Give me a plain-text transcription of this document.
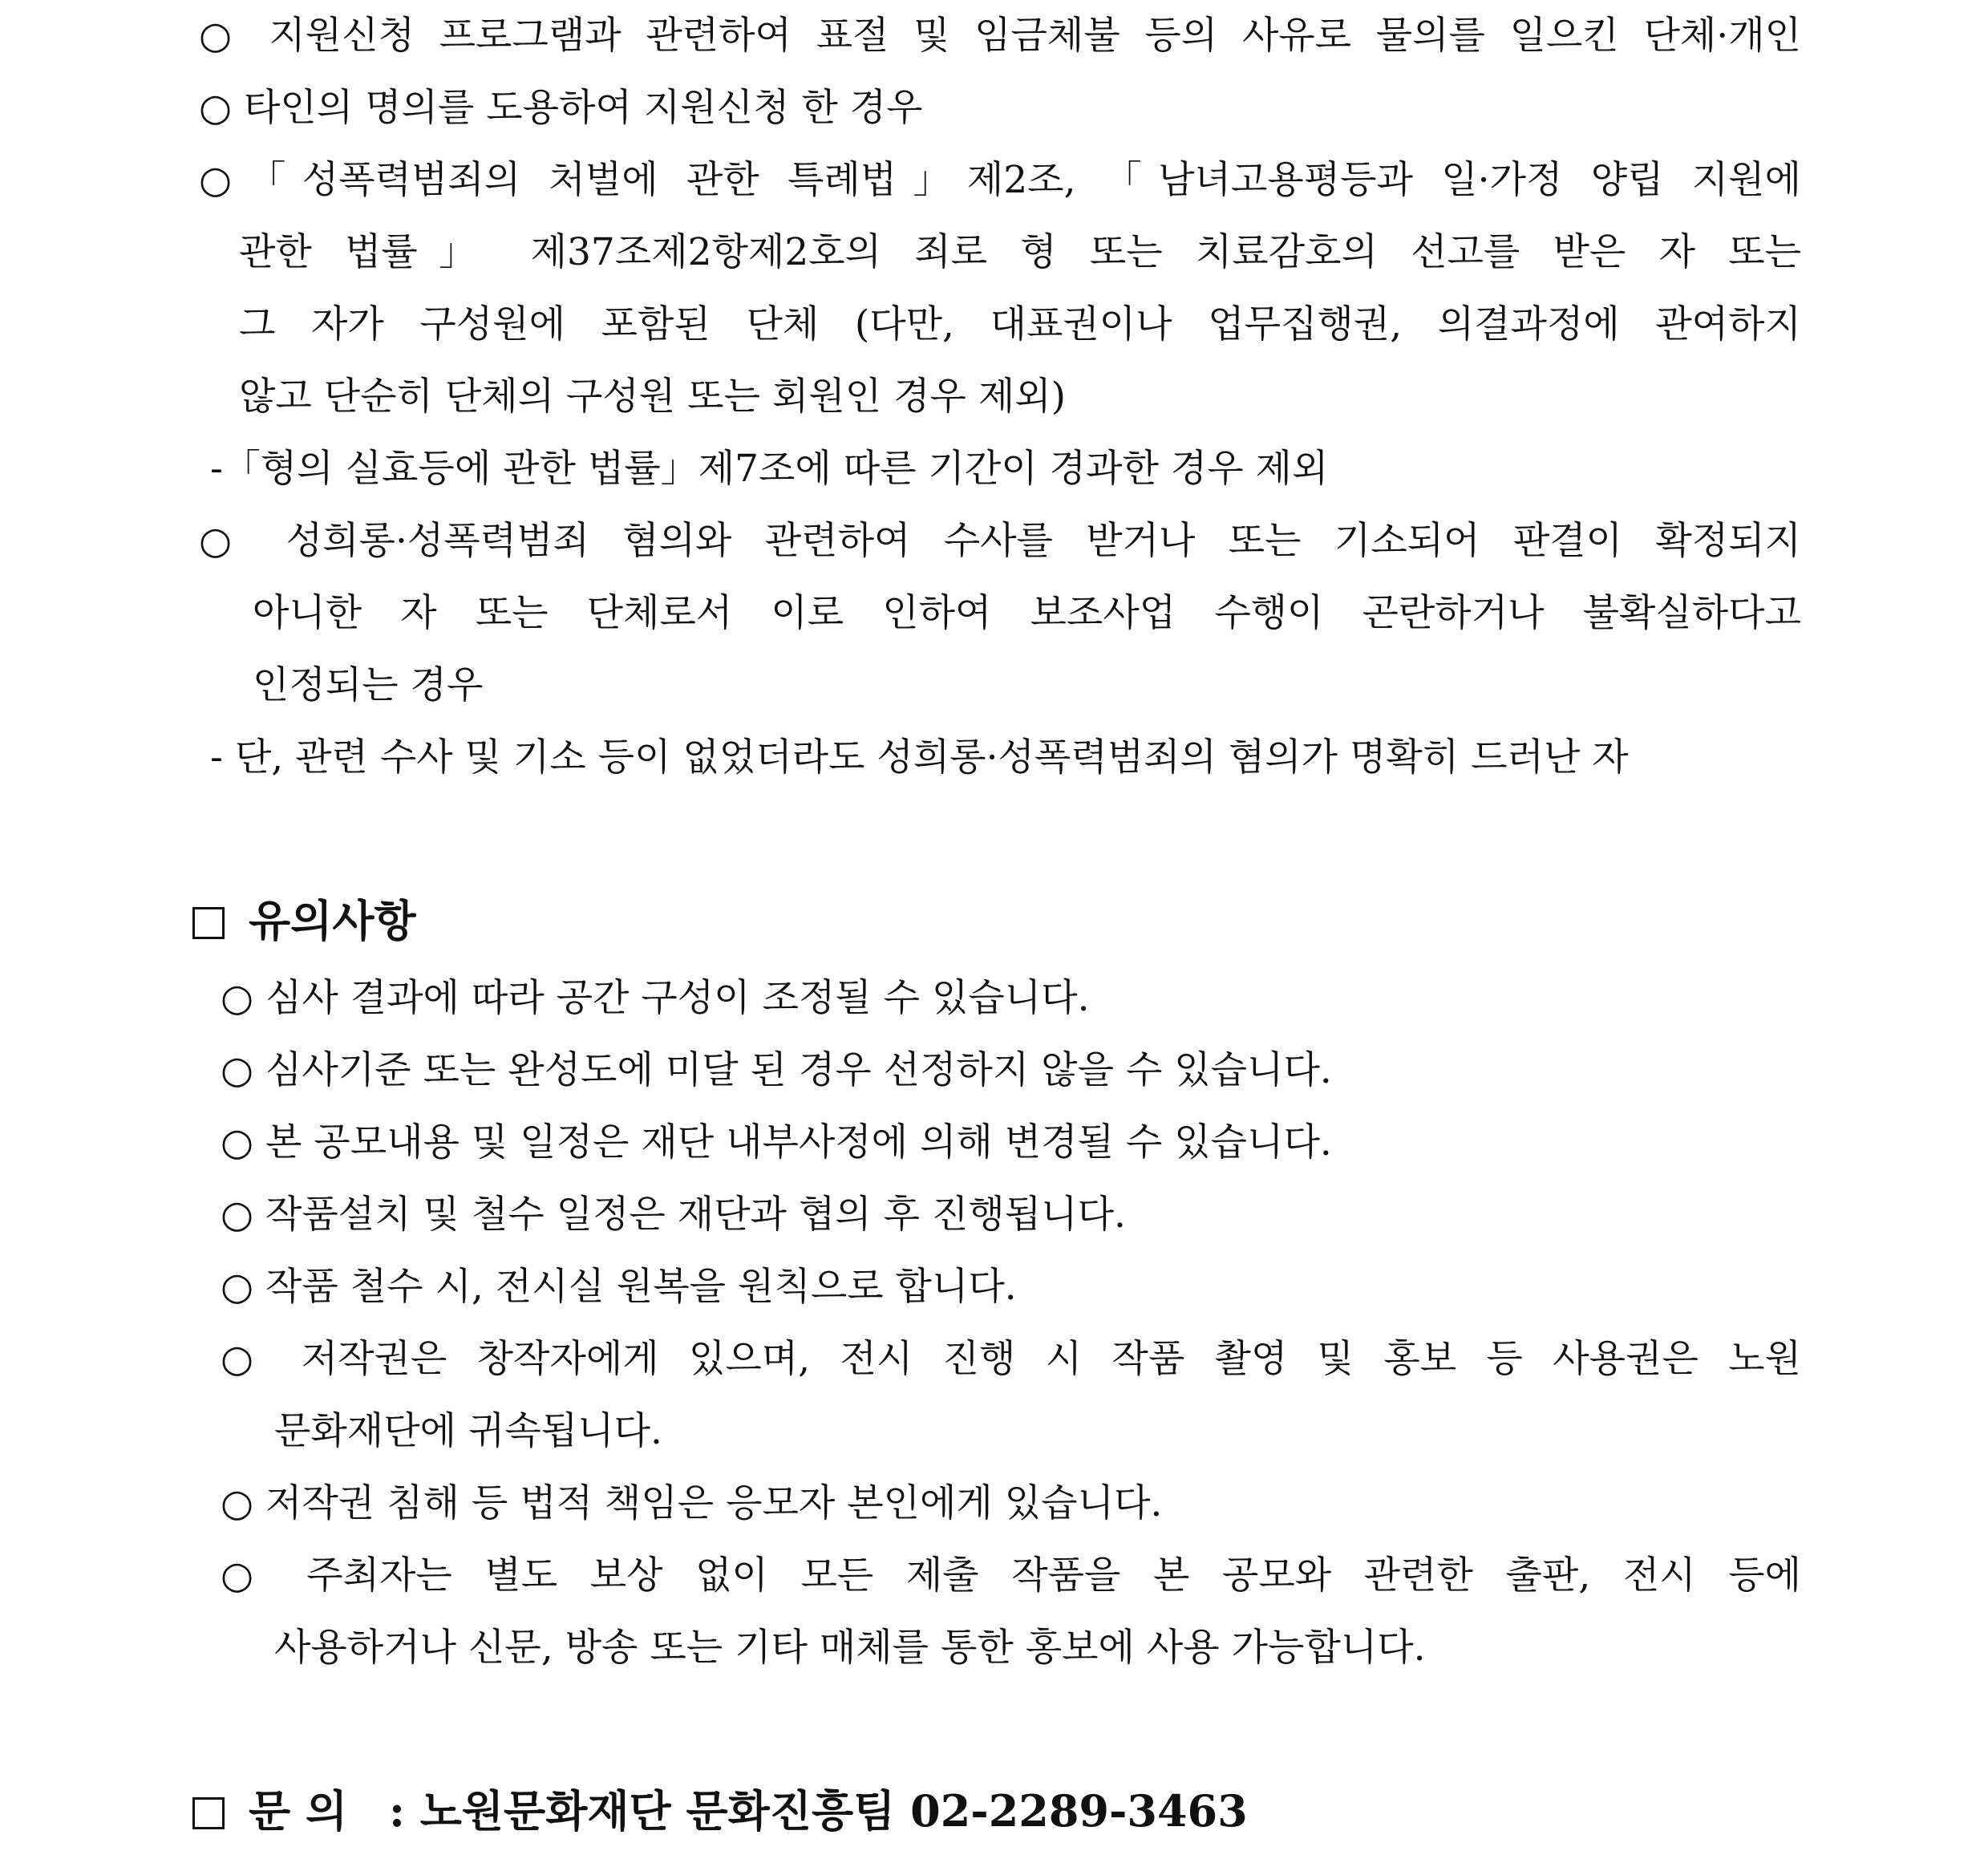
○ 지원신청 프로그램과 관련하여 표절 및 임금체불 등의 사유로 물의를 일으킨 단체·개인
○ 타인의 명의를 도용하여 지원신청 한 경우
○「성폭력범죄의 처벌에 관한 특례법」제2조, 「남녀고용평등과 일·가정 양립 지원에
관한 법률」 제37조제2항제2호의 죄로 형 또는 치료감호의 선고를 받은 자 또는
그 자가 구성원에 포함된 단체 (다만, 대표권이나 업무집행권, 의결과정에 관여하지
않고 단순히 단체의 구성원 또는 회원인 경우 제외)
-「형의 실효등에 관한 법률」제7조에 따른 기간이 경과한 경우 제외
○ 성희롱·성폭력범죄 혐의와 관련하여 수사를 받거나 또는 기소되어 판결이 확정되지
아니한 자 또는 단체로서 이로 인하여 보조사업 수행이 곤란하거나 불확실하다고
인정되는 경우
- 단, 관련 수사 및 기소 등이 없었더라도 성희롱·성폭력범죄의 혐의가 명확히 드러난 자
유의사항
○ 심사 결과에 따라 공간 구성이 조정될 수 있습니다.
○ 심사기준 또는 완성도에 미달 된 경우 선정하지 않을 수 있습니다.
○ 본 공모내용 및 일정은 재단 내부사정에 의해 변경될 수 있습니다.
○ 작품설치 및 철수 일정은 재단과 협의 후 진행됩니다.
○ 작품 철수 시, 전시실 원복을 원칙으로 합니다.
○ 저작권은 창작자에게 있으며, 전시 진행 시 작품 촬영 및 홍보 등 사용권은 노원
문화재단에 귀속됩니다.
○ 저작권 침해 등 법적 책임은 응모자 본인에게 있습니다.
○ 주최자는 별도 보상 없이 모든 제출 작품을 본 공모와 관련한 출판, 전시 등에
사용하거나 신문, 방송 또는 기타 매체를 통한 홍보에 사용 가능합니다.
문 의 : 노원문화재단 문화진흥팀 02-2289-3463
